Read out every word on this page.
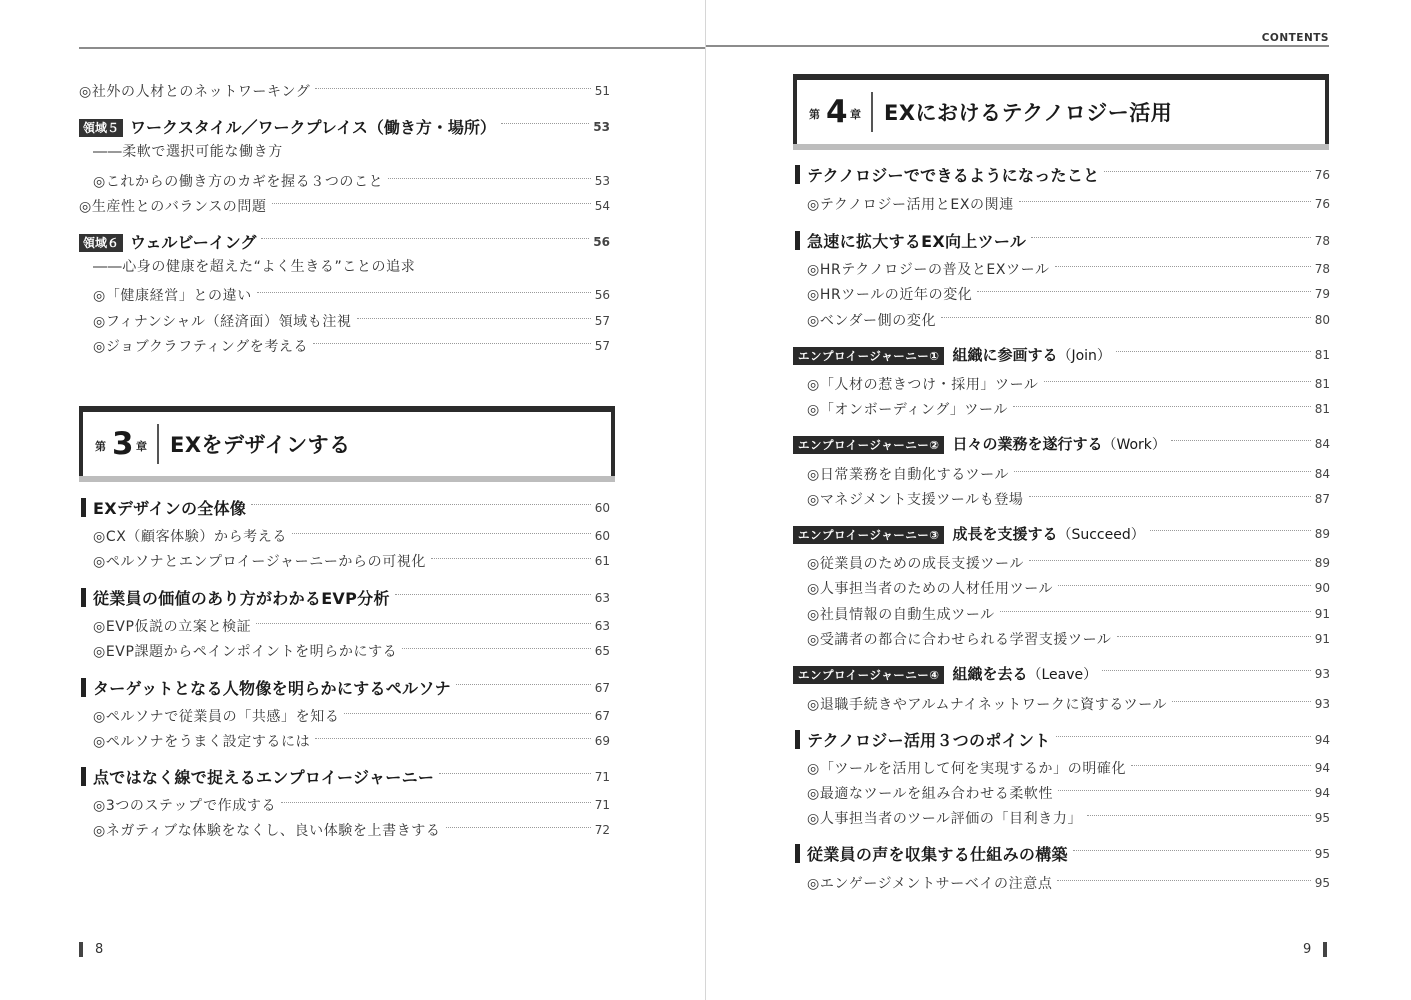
◎社外の人材とのネットワーキング	51
領域５ ワークスタイル／ワークプレイス（働き方・場所）	53
――柔軟で選択可能な働き方
◎これからの働き方のカギを握る３つのこと	53
◎生産性とのバランスの問題	54
領域６ ウェルビーイング	56
――心身の健康を超えた“よく生きる”ことの追求
◎「健康経営」との違い	56
◎フィナンシャル（経済面）領域も注視	57
◎ジョブクラフティングを考える	57
第 3 章 EXをデザインする
EXデザインの全体像	60
◎CX（顧客体験）から考える	60
◎ペルソナとエンプロイージャーニーからの可視化	61
従業員の価値のあり方がわかるEVP分析	63
◎EVP仮説の立案と検証	63
◎EVP課題からペインポイントを明らかにする	65
ターゲットとなる人物像を明らかにするペルソナ	67
◎ペルソナで従業員の「共感」を知る	67
◎ペルソナをうまく設定するには	69
点ではなく線で捉えるエンプロイージャーニー	71
◎3つのステップで作成する	71
◎ネガティブな体験をなくし、良い体験を上書きする	72
8
CONTENTS
第 4 章 EXにおけるテクノロジー活用
テクノロジーでできるようになったこと	76
◎テクノロジー活用とEXの関連	76
急速に拡大するEX向上ツール	78
◎HRテクノロジーの普及とEXツール	78
◎HRツールの近年の変化	79
◎ベンダー側の変化	80
エンプロイージャーニー① 組織に参画する（Join）	81
◎「人材の惹きつけ・採用」ツール	81
◎「オンボーディング」ツール	81
エンプロイージャーニー② 日々の業務を遂行する（Work）	84
◎日常業務を自動化するツール	84
◎マネジメント支援ツールも登場	87
エンプロイージャーニー③ 成長を支援する（Succeed）	89
◎従業員のための成長支援ツール	89
◎人事担当者のための人材任用ツール	90
◎社員情報の自動生成ツール	91
◎受講者の都合に合わせられる学習支援ツール	91
エンプロイージャーニー④ 組織を去る（Leave）	93
◎退職手続きやアルムナイネットワークに資するツール	93
テクノロジー活用３つのポイント	94
◎「ツールを活用して何を実現するか」の明確化	94
◎最適なツールを組み合わせる柔軟性	94
◎人事担当者のツール評価の「目利き力」	95
従業員の声を収集する仕組みの構築	95
◎エンゲージメントサーベイの注意点	95
9
